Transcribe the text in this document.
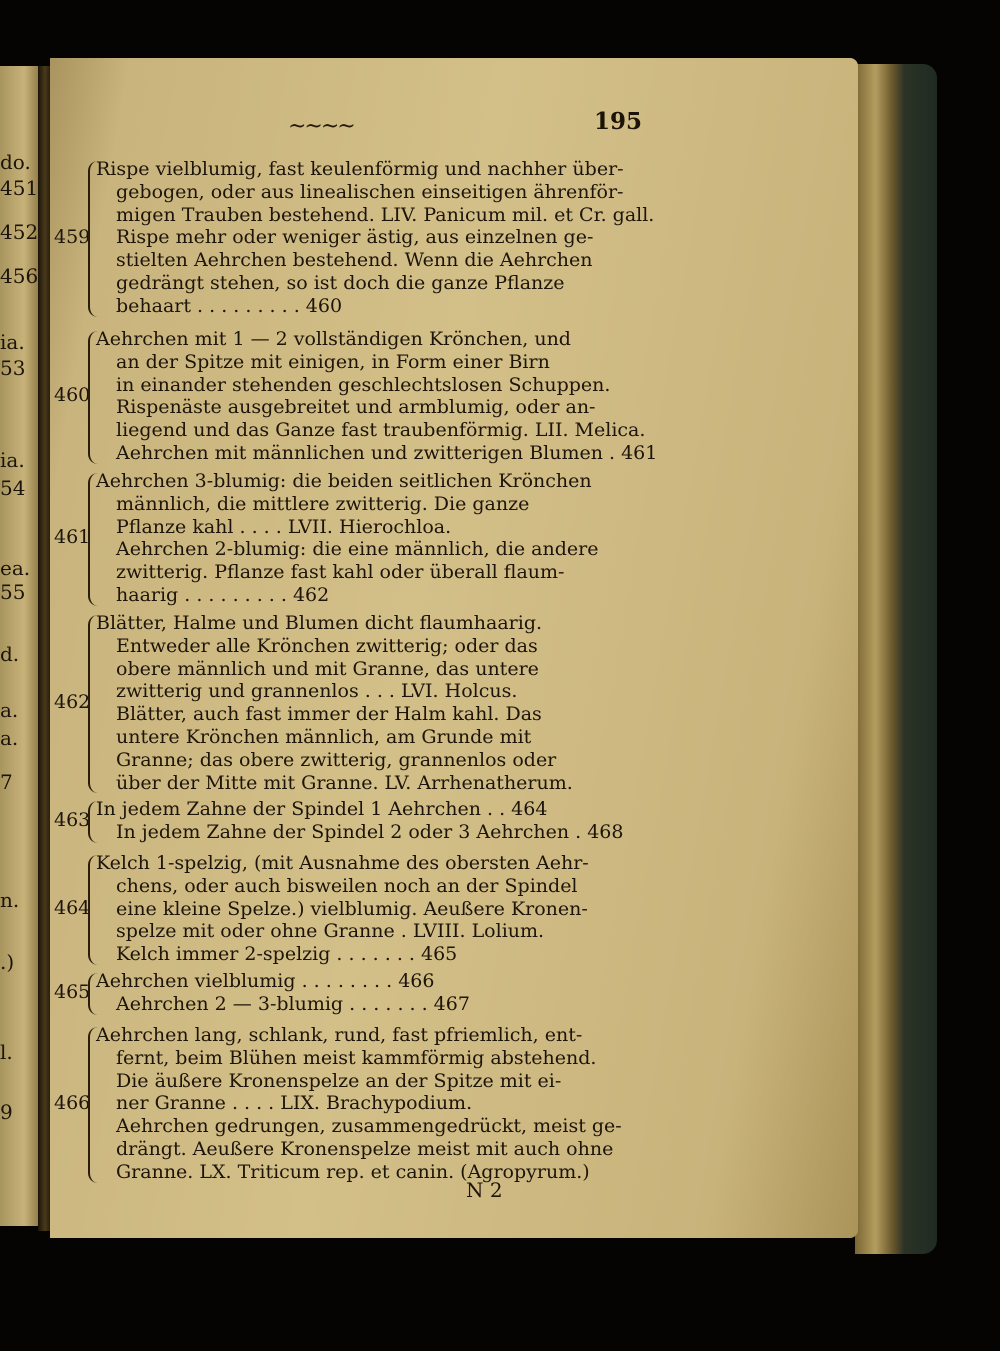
do.
451
452
456
ia.
53
ia.
54
ea.
55
d.
a.
a.
7
n.
.)
l.
9
~~~~	195
459
Rispe vielblumig, fast keulenförmig und nachher über-
gebogen, oder aus linealischen einseitigen ährenför-
migen Trauben bestehend. LIV. Panicum mil. et Cr. gall.
Rispe mehr oder weniger ästig, aus einzelnen ge-
stielten Aehrchen bestehend. Wenn die Aehrchen
gedrängt stehen, so ist doch die ganze Pflanze
behaart . . . . . . . . . 460
460
Aehrchen mit 1 — 2 vollständigen Krönchen, und
an der Spitze mit einigen, in Form einer Birn
in einander stehenden geschlechtslosen Schuppen.
Rispenäste ausgebreitet und armblumig, oder an-
liegend und das Ganze fast traubenförmig. LII. Melica.
Aehrchen mit männlichen und zwitterigen Blumen . 461
461
Aehrchen 3-blumig: die beiden seitlichen Krönchen
männlich, die mittlere zwitterig. Die ganze
Pflanze kahl . . . . LVII. Hierochloa.
Aehrchen 2-blumig: die eine männlich, die andere
zwitterig. Pflanze fast kahl oder überall flaum-
haarig . . . . . . . . . 462
462
Blätter, Halme und Blumen dicht flaumhaarig.
Entweder alle Krönchen zwitterig; oder das
obere männlich und mit Granne, das untere
zwitterig und grannenlos . . . LVI. Holcus.
Blätter, auch fast immer der Halm kahl. Das
untere Krönchen männlich, am Grunde mit
Granne; das obere zwitterig, grannenlos oder
über der Mitte mit Granne. LV. Arrhenatherum.
463 In jedem Zahne der Spindel 1 Aehrchen . . 464
In jedem Zahne der Spindel 2 oder 3 Aehrchen . 468
464
Kelch 1-spelzig, (mit Ausnahme des obersten Aehr-
chens, oder auch bisweilen noch an der Spindel
eine kleine Spelze.) vielblumig. Aeußere Kronen-
spelze mit oder ohne Granne . LVIII. Lolium.
Kelch immer 2-spelzig . . . . . . . 465
465 Aehrchen vielblumig . . . . . . . . 466
Aehrchen 2 — 3-blumig . . . . . . . 467
466
Aehrchen lang, schlank, rund, fast pfriemlich, ent-
fernt, beim Blühen meist kammförmig abstehend.
Die äußere Kronenspelze an der Spitze mit ei-
ner Granne . . . . LIX. Brachypodium.
Aehrchen gedrungen, zusammengedrückt, meist ge-
drängt. Aeußere Kronenspelze meist mit auch ohne
Granne. LX. Triticum rep. et canin. (Agropyrum.)
N 2
